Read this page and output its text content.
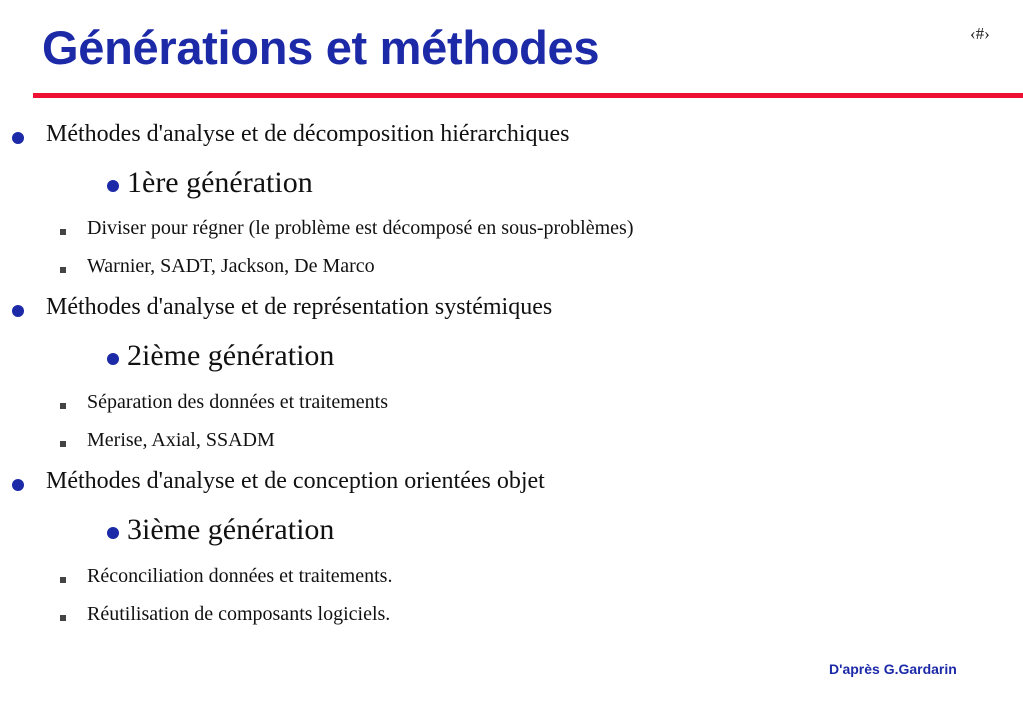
Générations et méthodes	‹#›
Méthodes d'analyse et de décomposition hiérarchiques
1ère génération
Diviser pour régner (le problème est décomposé en sous-problèmes)
Warnier, SADT, Jackson, De Marco
Méthodes d'analyse et de représentation systémiques
2ième génération
Séparation des données et traitements
Merise, Axial, SSADM
Méthodes d'analyse et de conception orientées objet
3ième génération
Réconciliation données et traitements.
Réutilisation de composants logiciels.
D'après G.Gardarin
